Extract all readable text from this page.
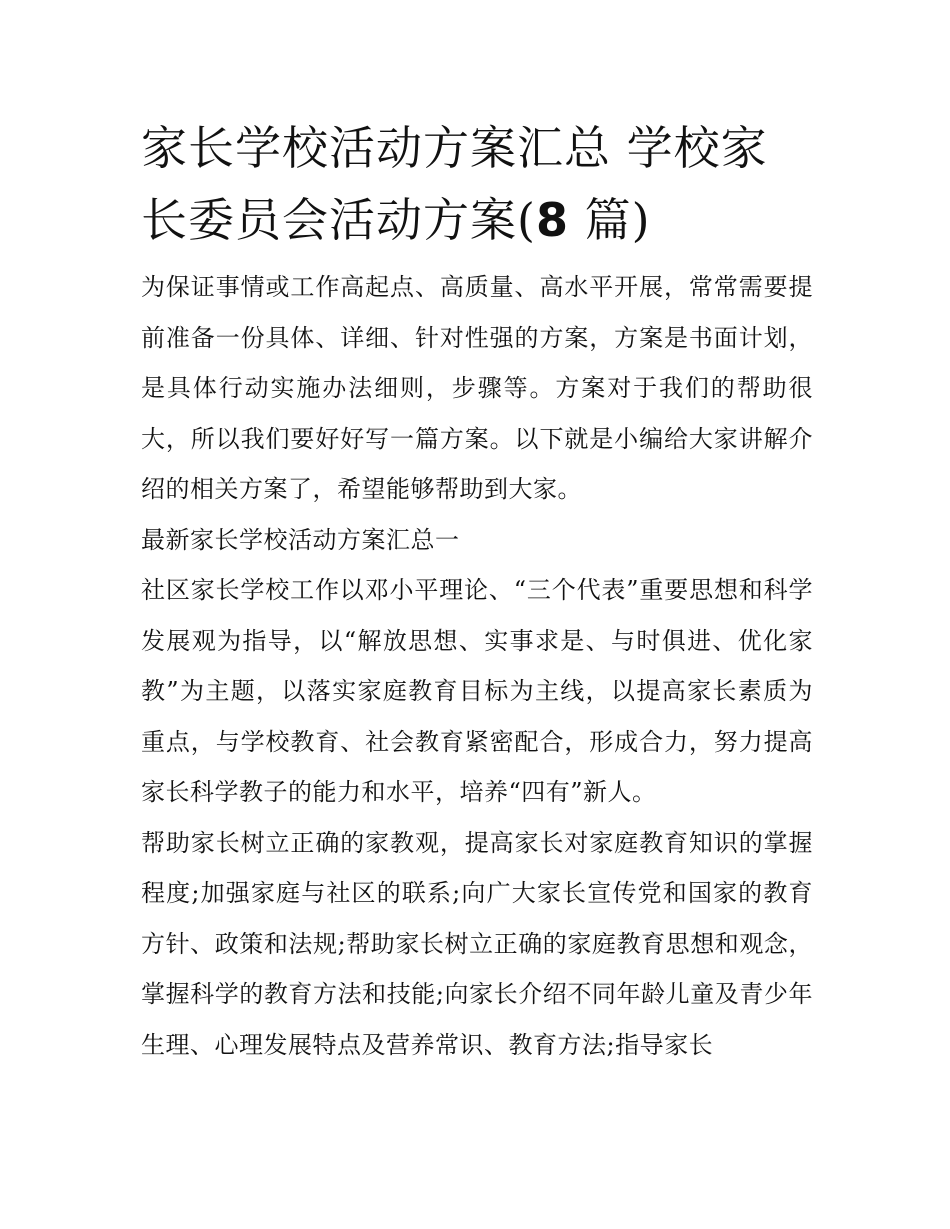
家长学校活动方案汇总 学校家
长委员会活动方案(8 篇)

为保证事情或工作高起点、高质量、高水平开展，常常需要提前准备一份具体、详细、针对性强的方案，方案是书面计划，是具体行动实施办法细则，步骤等。方案对于我们的帮助很大，所以我们要好好写一篇方案。以下就是小编给大家讲解介绍的相关方案了，希望能够帮助到大家。

最新家长学校活动方案汇总一

社区家长学校工作以邓小平理论、“三个代表”重要思想和科学发展观为指导，以“解放思想、实事求是、与时俱进、优化家教”为主题，以落实家庭教育目标为主线，以提高家长素质为重点，与学校教育、社会教育紧密配合，形成合力，努力提高家长科学教子的能力和水平，培养“四有”新人。

帮助家长树立正确的家教观，提高家长对家庭教育知识的掌握程度;加强家庭与社区的联系;向广大家长宣传党和国家的教育方针、政策和法规;帮助家长树立正确的家庭教育思想和观念，掌握科学的教育方法和技能;向家长介绍不同年龄儿童及青少年生理、心理发展特点及营养常识、教育方法;指导家长
